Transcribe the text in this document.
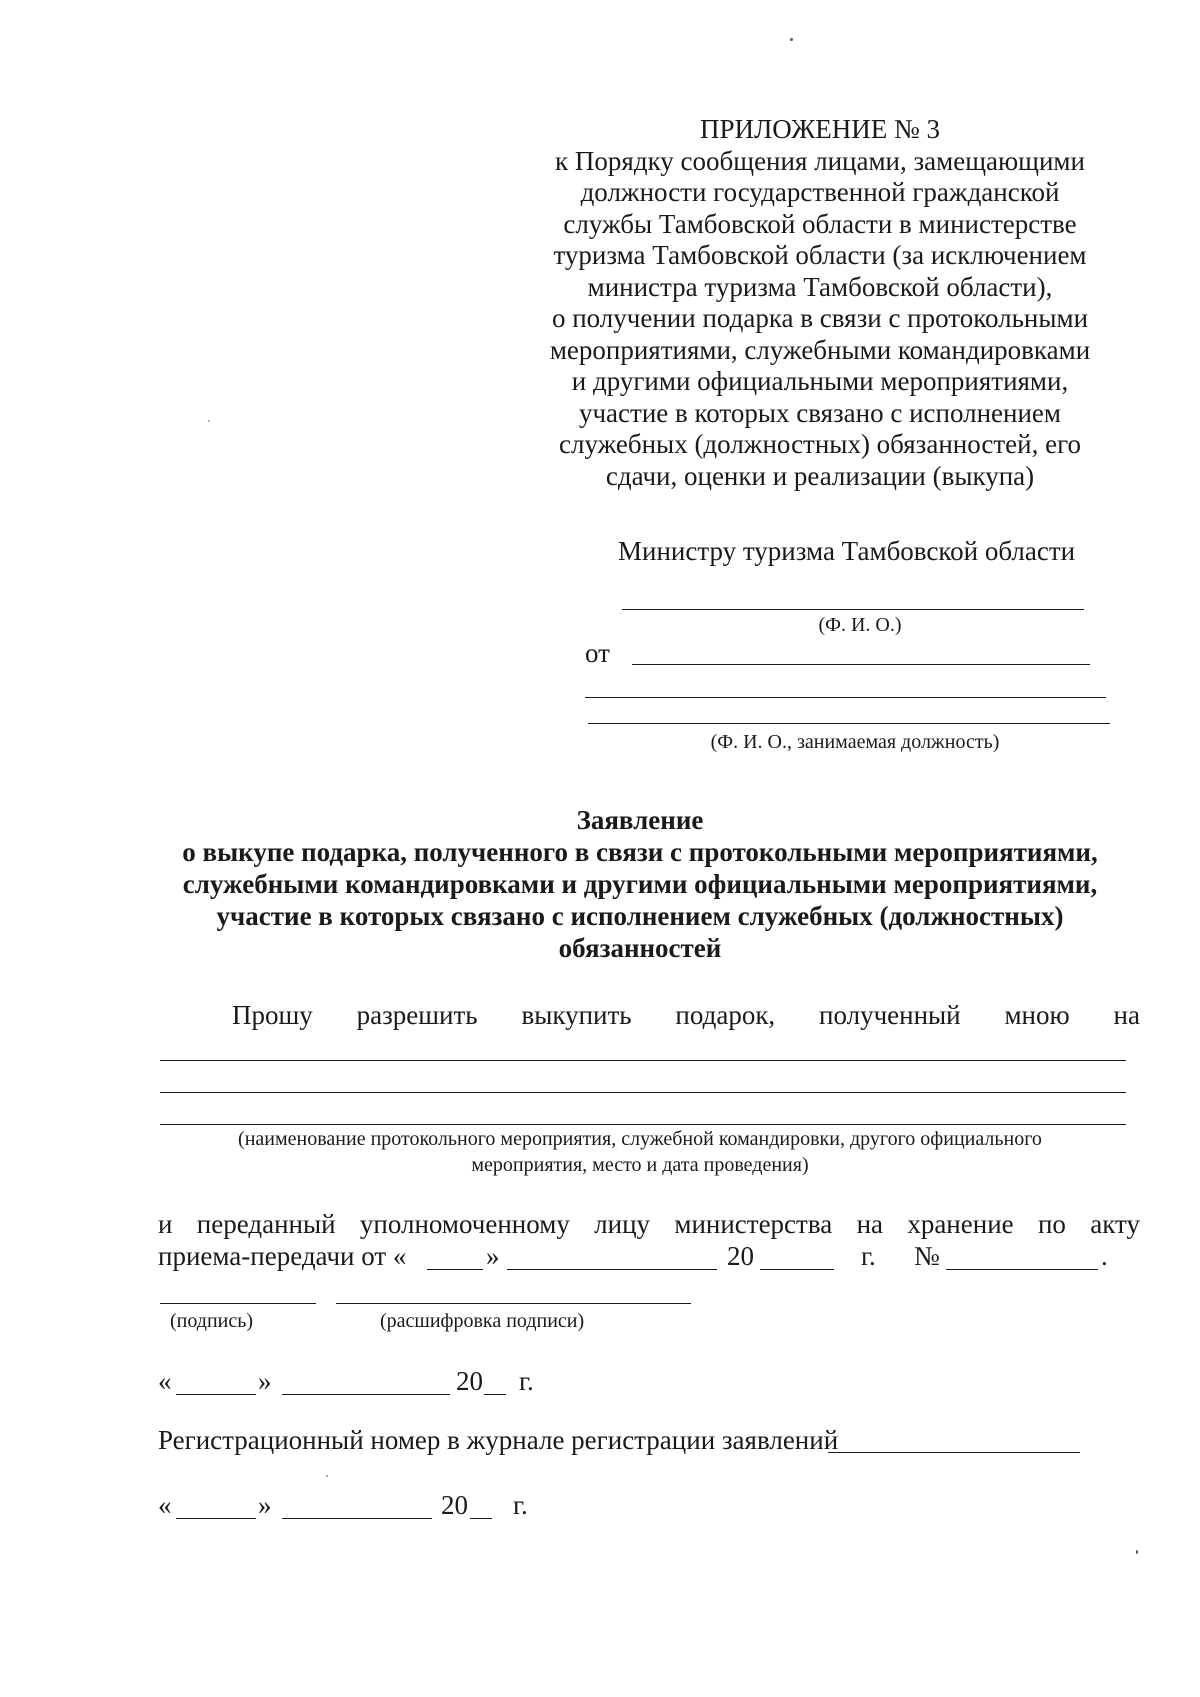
ПРИЛОЖЕНИЕ № 3
к Порядку сообщения лицами, замещающими
должности государственной гражданской
службы Тамбовской области в министерстве
туризма Тамбовской области (за исключением
министра туризма Тамбовской области),
о получении подарка в связи с протокольными
мероприятиями, служебными командировками
и другими официальными мероприятиями,
участие в которых связано с исполнением
служебных (должностных) обязанностей, его
сдачи, оценки и реализации (выкупа)
Министру туризма Тамбовской области
(Ф. И. О.)
от
(Ф. И. О., занимаемая должность)
Заявление
о выкупе подарка, полученного в связи с протокольными мероприятиями,
служебными командировками и другими официальными мероприятиями,
участие в которых связано с исполнением служебных (должностных)
обязанностей
Прошу разрешить выкупить подарок, полученный мною на
(наименование протокольного мероприятия, служебной командировки, другого официального
мероприятия, место и дата проведения)
и переданный уполномоченному лицу министерства на хранение по акту
приема-передачи от «	»	20	г. №	.
(подпись)	(расшифровка подписи)
«	»	20 г.
Регистрационный номер в журнале регистрации заявлений
«	»	20 г.
